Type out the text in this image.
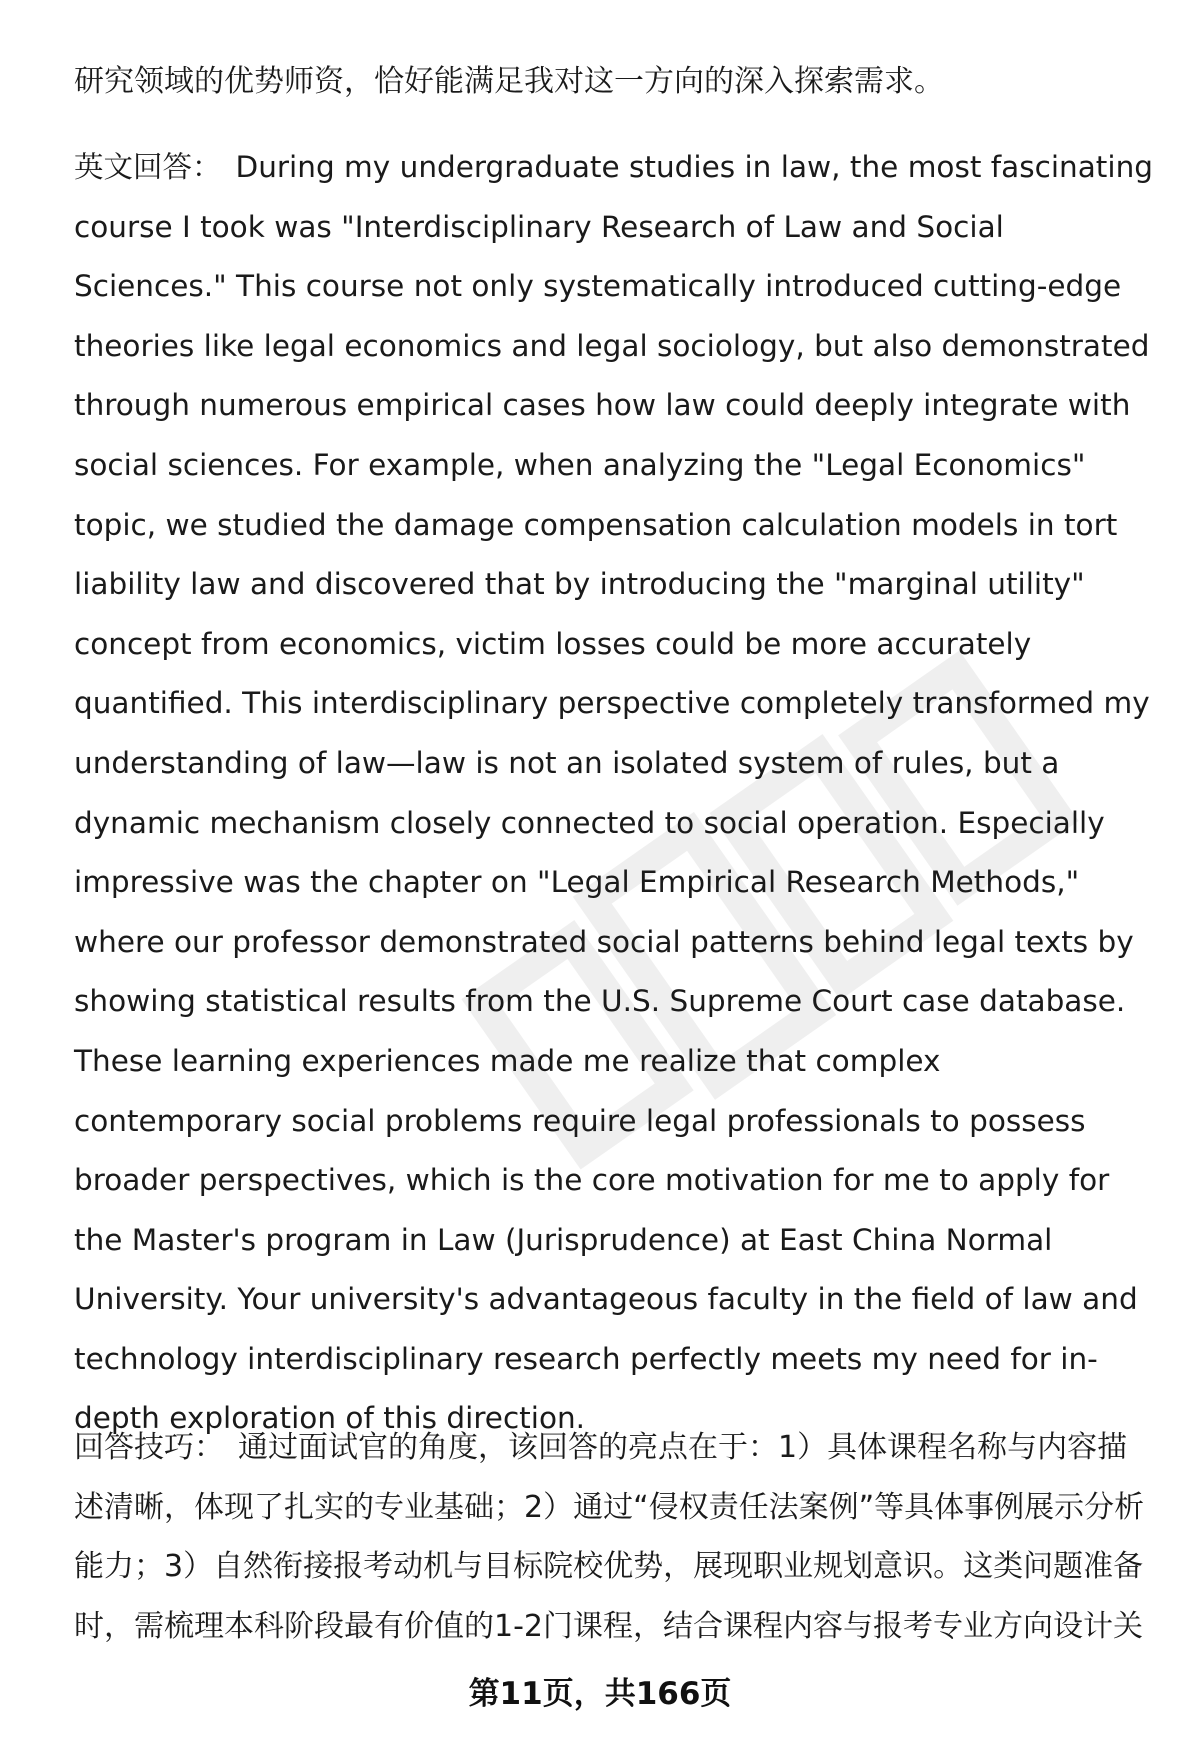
研究领域的优势师资，恰好能满足我对这一方向的深入探索需求。

英文回答： During my undergraduate studies in law, the most fascinating course I took was "Interdisciplinary Research of Law and Social Sciences." This course not only systematically introduced cutting-edge theories like legal economics and legal sociology, but also demonstrated through numerous empirical cases how law could deeply integrate with social sciences. For example, when analyzing the "Legal Economics" topic, we studied the damage compensation calculation models in tort liability law and discovered that by introducing the "marginal utility" concept from economics, victim losses could be more accurately quantified. This interdisciplinary perspective completely transformed my understanding of law—law is not an isolated system of rules, but a dynamic mechanism closely connected to social operation. Especially impressive was the chapter on "Legal Empirical Research Methods," where our professor demonstrated social patterns behind legal texts by showing statistical results from the U.S. Supreme Court case database. These learning experiences made me realize that complex contemporary social problems require legal professionals to possess broader perspectives, which is the core motivation for me to apply for the Master's program in Law (Jurisprudence) at East China Normal University. Your university's advantageous faculty in the field of law and technology interdisciplinary research perfectly meets my need for in-depth exploration of this direction.

回答技巧： 通过面试官的角度，该回答的亮点在于：1）具体课程名称与内容描述清晰，体现了扎实的专业基础；2）通过“侵权责任法案例”等具体事例展示分析能力；3）自然衔接报考动机与目标院校优势，展现职业规划意识。这类问题准备时，需梳理本科阶段最有价值的1-2门课程，结合课程内容与报考专业方向设计关

第11页，共166页
